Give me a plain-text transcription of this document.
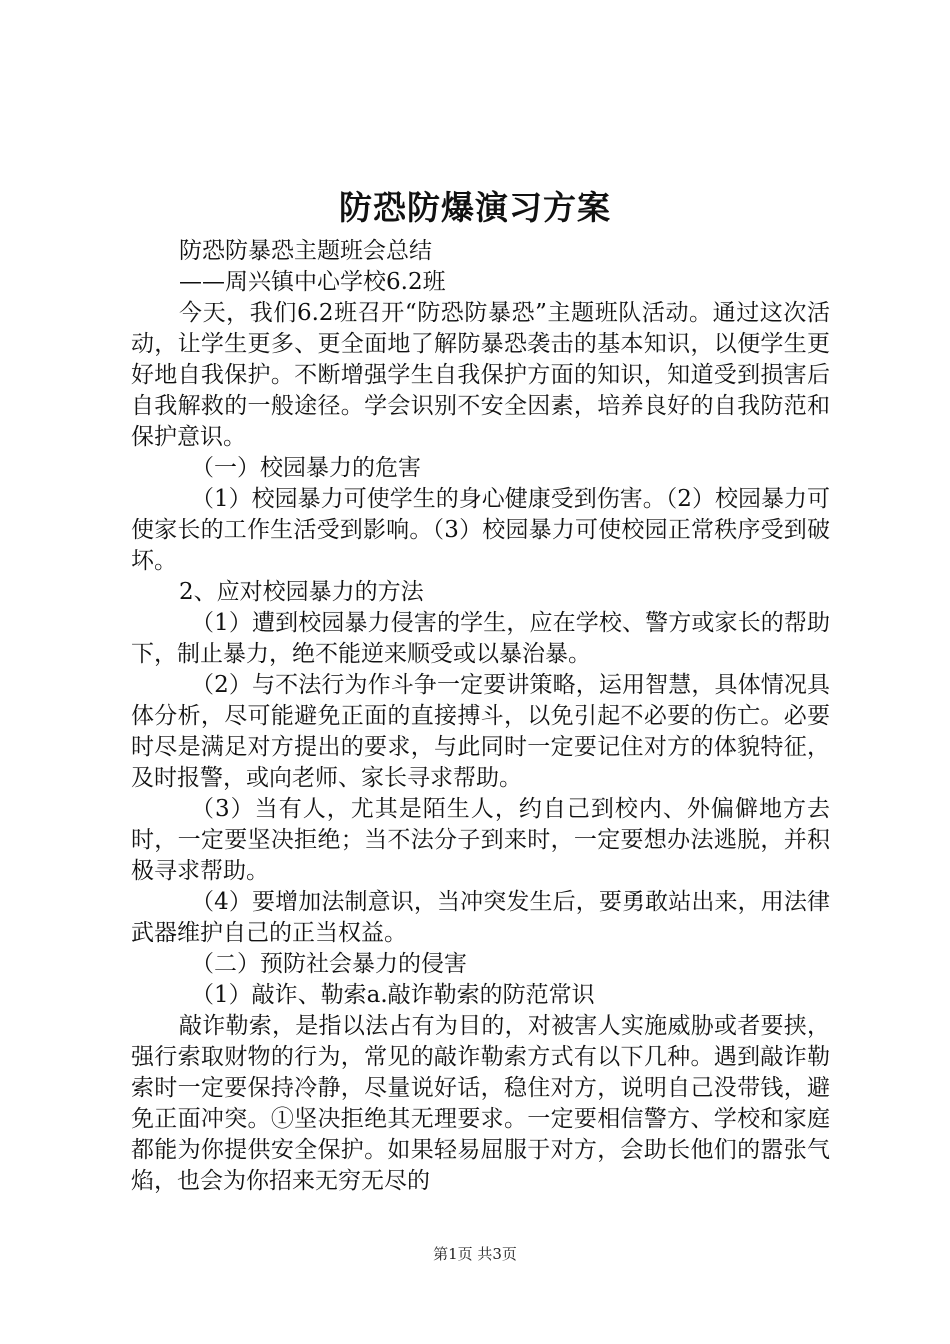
防恐防爆演习方案

防恐防暴恐主题班会总结

——周兴镇中心学校6.2班

今天，我们6.2班召开“防恐防暴恐”主题班队活动。通过这次活动，让学生更多、更全面地了解防暴恐袭击的基本知识，以便学生更好地自我保护。不断增强学生自我保护方面的知识，知道受到损害后自我解救的一般途径。学会识别不安全因素，培养良好的自我防范和保护意识。

（一）校园暴力的危害

（1）校园暴力可使学生的身心健康受到伤害。（2）校园暴力可使家长的工作生活受到影响。（3）校园暴力可使校园正常秩序受到破坏。

2、应对校园暴力的方法

（1）遭到校园暴力侵害的学生，应在学校、警方或家长的帮助下，制止暴力，绝不能逆来顺受或以暴治暴。

（2）与不法行为作斗争一定要讲策略，运用智慧，具体情况具体分析，尽可能避免正面的直接搏斗，以免引起不必要的伤亡。必要时尽是满足对方提出的要求，与此同时一定要记住对方的体貌特征，及时报警，或向老师、家长寻求帮助。

（3）当有人，尤其是陌生人，约自己到校内、外偏僻地方去时，一定要坚决拒绝；当不法分子到来时，一定要想办法逃脱，并积极寻求帮助。

（4）要增加法制意识，当冲突发生后，要勇敢站出来，用法律武器维护自己的正当权益。

（二）预防社会暴力的侵害

（1）敲诈、勒索a.敲诈勒索的防范常识

敲诈勒索，是指以法占有为目的，对被害人实施威胁或者要挟，强行索取财物的行为，常见的敲诈勒索方式有以下几种。遇到敲诈勒索时一定要保持冷静，尽量说好话，稳住对方，说明自己没带钱，避免正面冲突。①坚决拒绝其无理要求。一定要相信警方、学校和家庭都能为你提供安全保护。如果轻易屈服于对方，会助长他们的嚣张气焰，也会为你招来无穷无尽的

第1页 共3页
